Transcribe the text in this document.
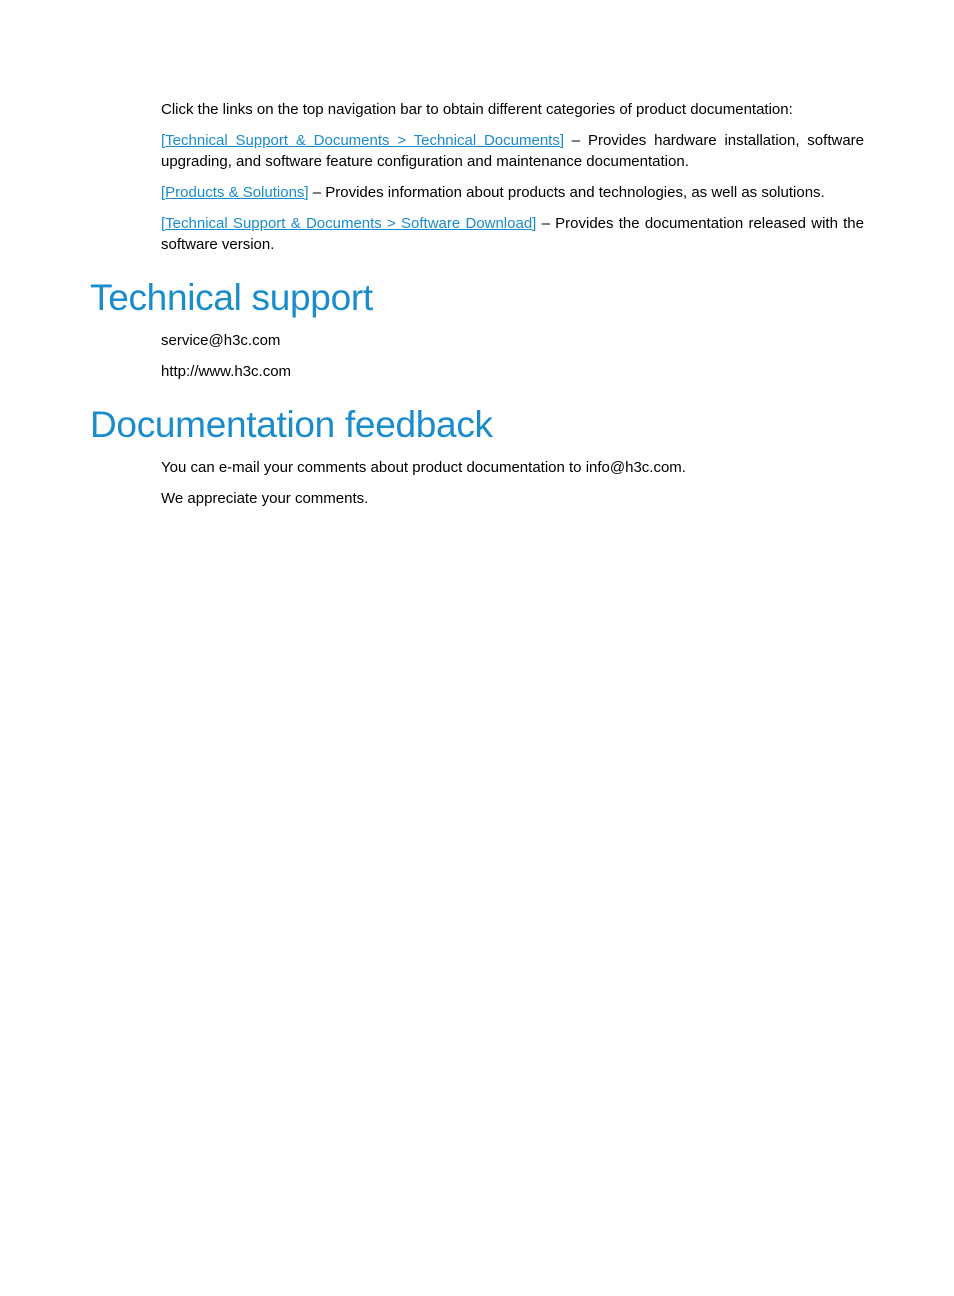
Click the links on the top navigation bar to obtain different categories of product documentation:

[Technical Support & Documents > Technical Documents] – Provides hardware installation, software upgrading, and software feature configuration and maintenance documentation.

[Products & Solutions] – Provides information about products and technologies, as well as solutions.

[Technical Support & Documents > Software Download] – Provides the documentation released with the software version.

Technical support

service@h3c.com

http://www.h3c.com

Documentation feedback

You can e-mail your comments about product documentation to info@h3c.com.

We appreciate your comments.
